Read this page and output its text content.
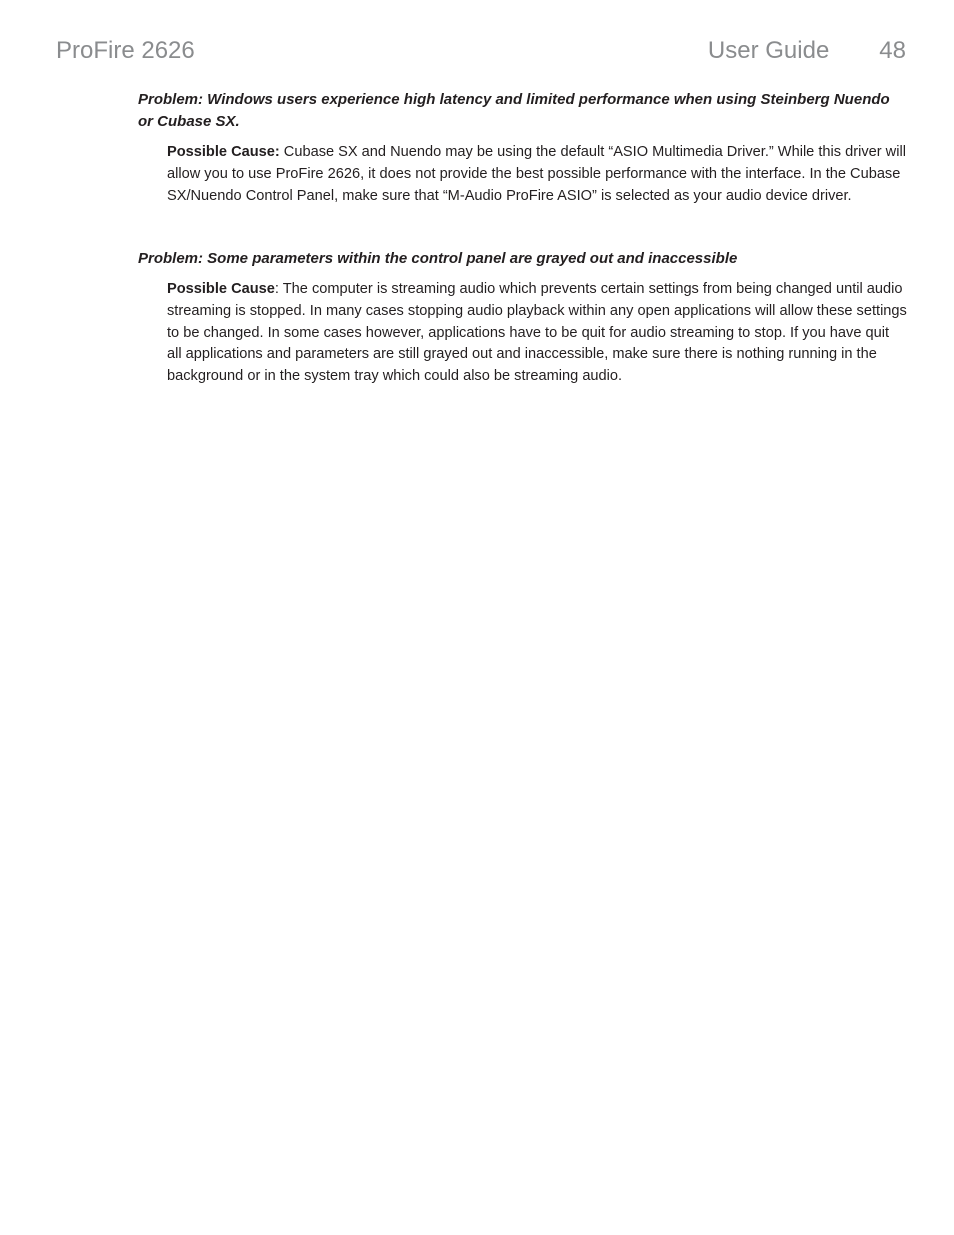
ProFire 2626	User Guide 48
Problem: Windows users experience high latency and limited performance when using Steinberg Nuendo or Cubase SX.
Possible Cause: Cubase SX and Nuendo may be using the default “ASIO Multimedia Driver.” While this driver will allow you to use ProFire 2626, it does not provide the best possible performance with the interface. In the Cubase SX/Nuendo Control Panel, make sure that “M-Audio ProFire ASIO” is selected as your audio device driver.
Problem: Some parameters within the control panel are grayed out and inaccessible
Possible Cause: The computer is streaming audio which prevents certain settings from being changed until audio streaming is stopped. In many cases stopping audio playback within any open applications will allow these settings to be changed. In some cases however, applications have to be quit for audio streaming to stop. If you have quit all applications and parameters are still grayed out and inaccessible, make sure there is nothing running in the background or in the system tray which could also be streaming audio.
